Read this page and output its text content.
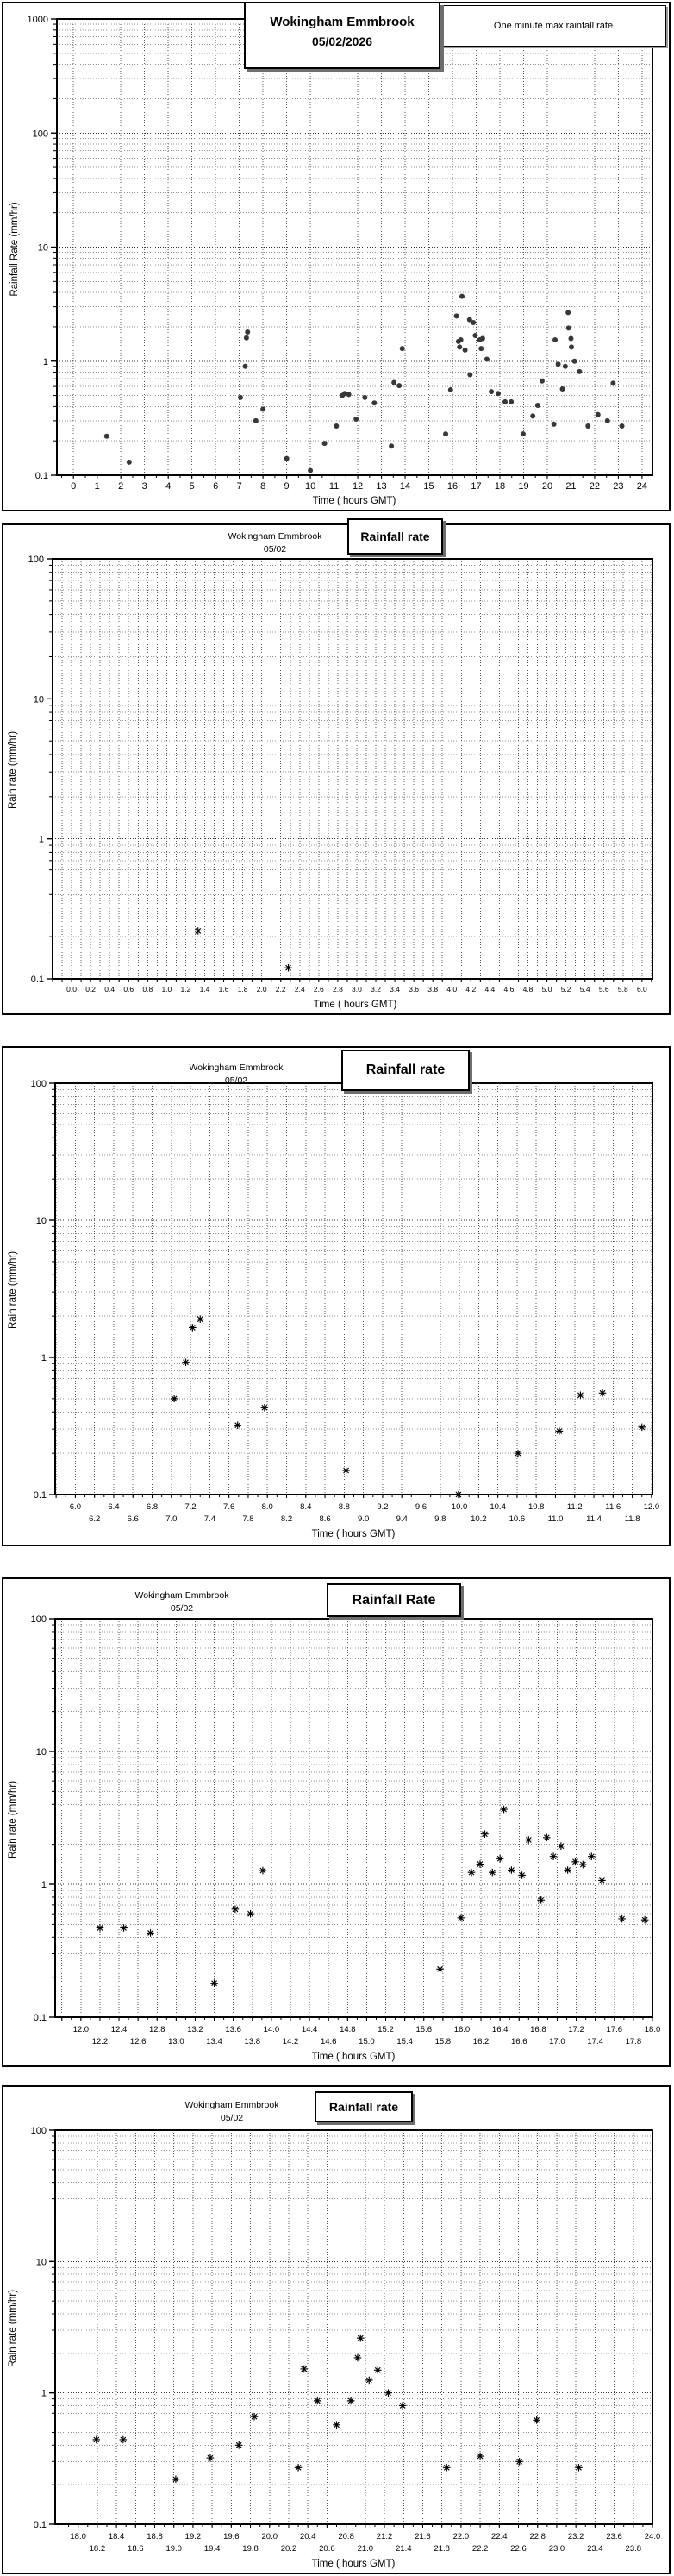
Wokingham Emmbrook
05/02/2026
One minute max rainfall rate
Rainfall Rate (mm/hr)
Time ( hours GMT)
1000
100
10
1
0.1
0 1 2 3 4 5 6 7 8 9 10 11 12 13 14 15 16 17 18 19 20 21 22 23 24
Wokingham Emmbrook
05/02
Rainfall rate
Rain rate (mm/hr)
Time ( hours GMT)
100
10
1
0.1
0.0 0.2 0.4 0.6 0.8 1.0 1.2 1.4 1.6 1.8 2.0 2.2 2.4 2.6 2.8 3.0 3.2 3.4 3.6 3.8 4.0 4.2 4.4 4.6 4.8 5.0 5.2 5.4 5.6 5.8 6.0
Wokingham Emmbrook
05/02
Rainfall rate
Rain rate (mm/hr)
Time ( hours GMT)
100
10
1
0.1
6.0	6.4	6.8	7.2	7.6	8.0	8.4	8.8	9.2	9.6	10.0	10.4	10.8	11.2	11.6	12.0
6.2	6.6	7.0	7.4	7.8	8.2	8.6	9.0	9.4	9.8	10.2	10.6	11.0	11.4	11.8
Wokingham Emmbrook
05/02
Rainfall Rate
Rain rate (mm/hr)
Time ( hours GMT)
100
10
1
0.1
12.0	12.4	12.8	13.2	13.6	14.0	14.4	14.8	15.2	15.6	16.0	16.4	16.8	17.2	17.6	18.0
12.2	12.6	13.0	13.4	13.8	14.2	14.6	15.0	15.4	15.8	16.2	16.6	17.0	17.4	17.8
Wokingham Emmbrook
05/02
Rainfall rate
Rain rate (mm/hr)
Time ( hours GMT)
100
10
1
0.1
18.0	18.4	18.8	19.2	19.6	20.0	20.4	20.8	21.2	21.6	22.0	22.4	22.8	23.2	23.6	24.0
18.2	18.6	19.0	19.4	19.8	20.2	20.6	21.0	21.4	21.8	22.2	22.6	23.0	23.4	23.8
